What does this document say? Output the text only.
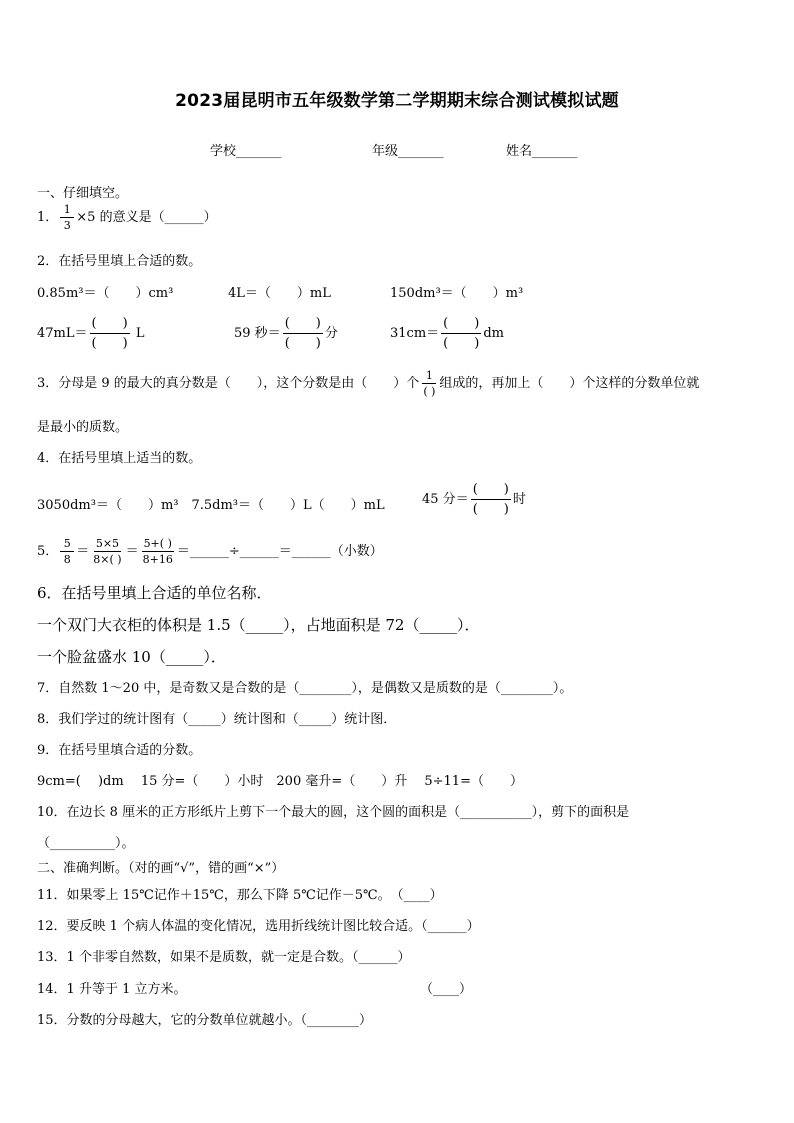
2023届昆明市五年级数学第二学期期末综合测试模拟试题
学校_______	年级_______	姓名_______
一、仔细填空。
1． $\frac{1}{3} \times 5$ 的意义是（______）
2．在括号里填上合适的数。
0.85m³＝（　　）cm³	4L＝（　　）mL	150dm³＝（　　）m³
$47mL= \frac{( )}{( )}$ L	59 秒＝ $\frac{( )}{( )}$ 分	$31cm= \frac{( )}{( )}$ dm
3．分母是 9 的最大的真分数是（　　），这个分数是由（　　）个 $\frac{1}{( )}$ 组成的，再加上（　　）个这样的分数单位就
是最小的质数。
4．在括号里填上适当的数。
3050dm³＝（　　）m³　7.5dm³＝（　　）L（　　）mL	45 分＝ $\frac{( )}{( )}$ 时
5． $\frac{5}{8} = \frac{5\times 5}{8\times( )} = \frac{5+( )}{8+16}$ ＝______÷______＝______（小数）
6．在括号里填上合适的单位名称．
一个双门大衣柜的体积是 1.5（_____），占地面积是 72（_____）．
一个脸盆盛水 10（_____）．
7．自然数 1～20 中，是奇数又是合数的是（________），是偶数又是质数的是（________）。
8．我们学过的统计图有（_____）统计图和（_____）统计图．
9．在括号里填合适的分数。
9cm=(　 )dm　 15 分=（　　）小时　200 毫升=（　　）升　 5÷11=（　　）
10．在边长 8 厘米的正方形纸片上剪下一个最大的圆，这个圆的面积是（___________），剪下的面积是
（__________）。
二、准确判断。（对的画“√”，错的画“×”）
11．如果零上 15℃记作＋15℃，那么下降 5℃记作－5℃。　（____）
12．要反映 1 个病人体温的变化情况，选用折线统计图比较合适。（______）
13．1 个非零自然数，如果不是质数，就一定是合数。（______）
14．1 升等于 1 立方米。	（____）
15．分数的分母越大，它的分数单位就越小。（________）
